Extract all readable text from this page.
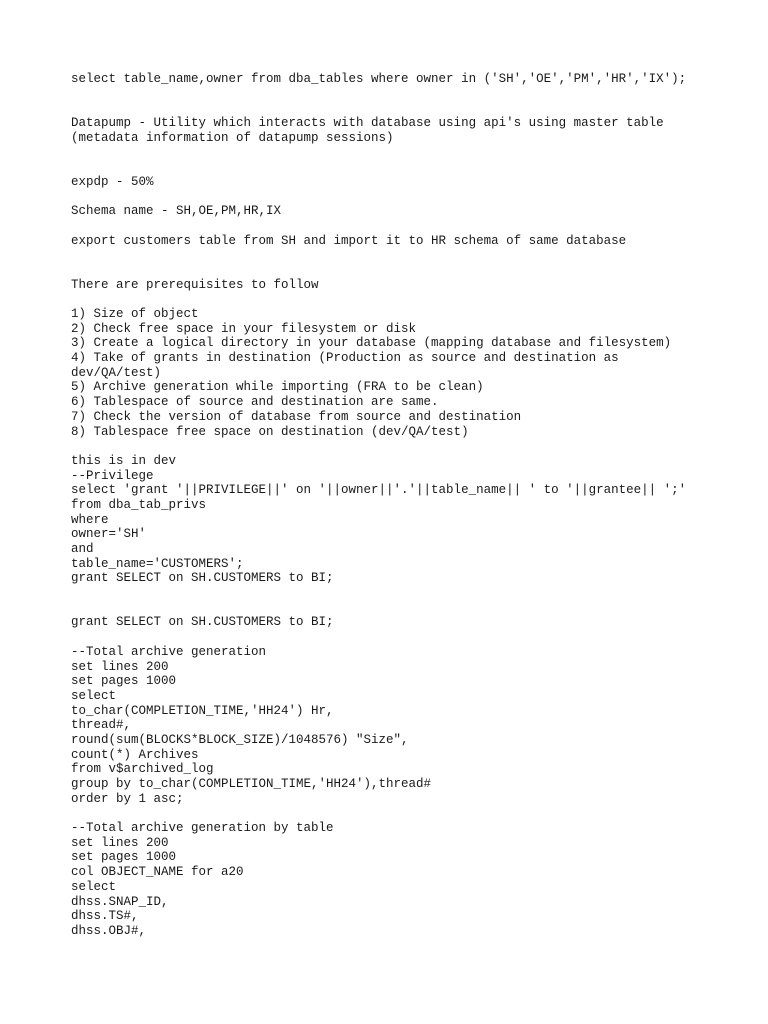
select table_name,owner from dba_tables where owner in ('SH','OE','PM','HR','IX');
Datapump - Utility which interacts with database using api's using master table
(metadata information of datapump sessions)
expdp - 50%
Schema name - SH,OE,PM,HR,IX
export customers table from SH and import it to HR schema of same database
There are prerequisites to follow
1) Size of object
2) Check free space in your filesystem or disk
3) Create a logical directory in your database (mapping database and filesystem)
4) Take of grants in destination (Production as source and destination as
dev/QA/test)
5) Archive generation while importing (FRA to be clean)
6) Tablespace of source and destination are same.
7) Check the version of database from source and destination
8) Tablespace free space on destination (dev/QA/test)
this is in dev
--Privilege
select 'grant '||PRIVILEGE||' on '||owner||'.'||table_name|| ' to '||grantee|| ';'
from dba_tab_privs
where
owner='SH'
and
table_name='CUSTOMERS';
grant SELECT on SH.CUSTOMERS to BI;
grant SELECT on SH.CUSTOMERS to BI;
--Total archive generation
set lines 200
set pages 1000
select
to_char(COMPLETION_TIME,'HH24') Hr,
thread#,
round(sum(BLOCKS*BLOCK_SIZE)/1048576) "Size",
count(*) Archives
from v$archived_log
group by to_char(COMPLETION_TIME,'HH24'),thread#
order by 1 asc;
--Total archive generation by table
set lines 200
set pages 1000
col OBJECT_NAME for a20
select
dhss.SNAP_ID,
dhss.TS#,
dhss.OBJ#,
